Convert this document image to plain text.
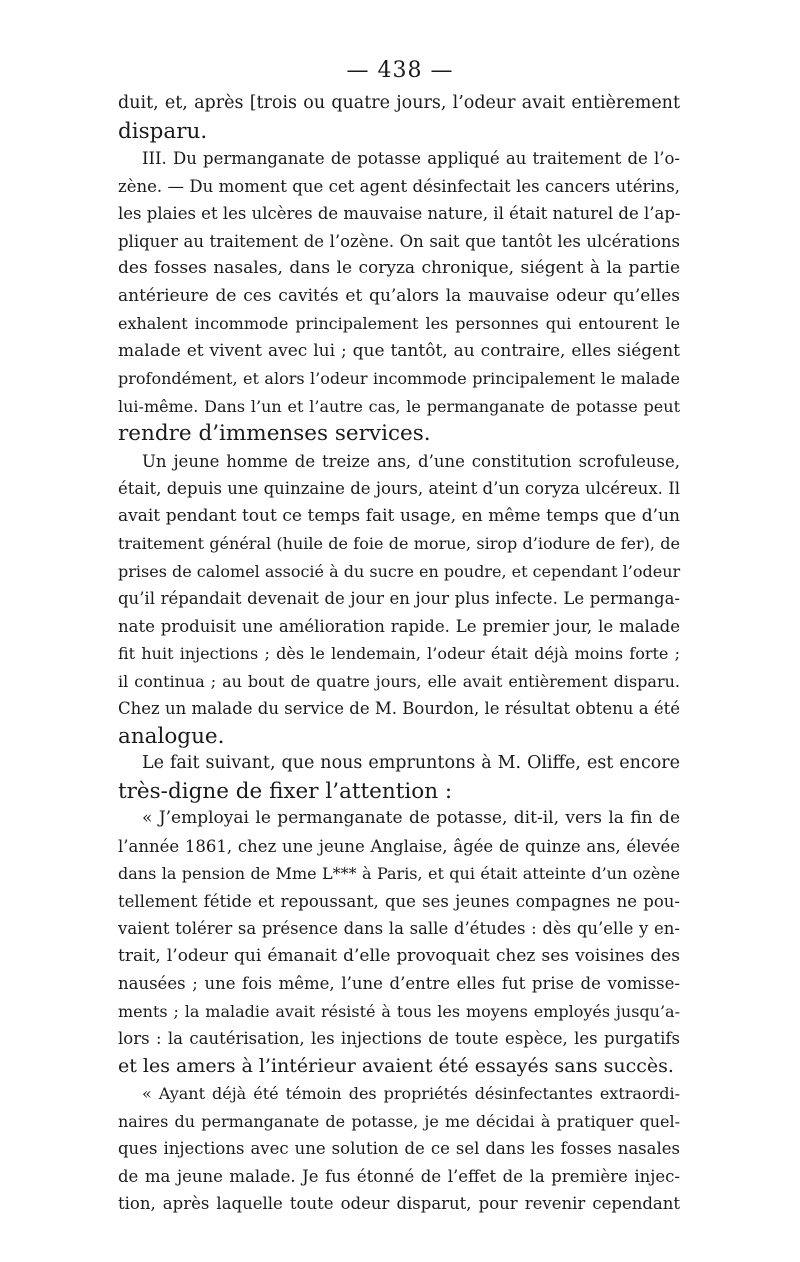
— 438 —
duit, et, après [trois ou quatre jours, l’odeur avait entièrement
disparu.
III. Du permanganate de potasse appliqué au traitement de l’o-
zène. — Du moment que cet agent désinfectait les cancers utérins,
les plaies et les ulcères de mauvaise nature, il était naturel de l’ap-
pliquer au traitement de l’ozène. On sait que tantôt les ulcérations
des fosses nasales, dans le coryza chronique, siégent à la partie
antérieure de ces cavités et qu’alors la mauvaise odeur qu’elles
exhalent incommode principalement les personnes qui entourent le
malade et vivent avec lui ; que tantôt, au contraire, elles siégent
profondément, et alors l’odeur incommode principalement le malade
lui-même. Dans l’un et l’autre cas, le permanganate de potasse peut
rendre d’immenses services.
Un jeune homme de treize ans, d’une constitution scrofuleuse,
était, depuis une quinzaine de jours, ateint d’un coryza ulcéreux. Il
avait pendant tout ce temps fait usage, en même temps que d’un
traitement général (huile de foie de morue, sirop d’iodure de fer), de
prises de calomel associé à du sucre en poudre, et cependant l’odeur
qu’il répandait devenait de jour en jour plus infecte. Le permanga-
nate produisit une amélioration rapide. Le premier jour, le malade
fit huit injections ; dès le lendemain, l’odeur était déjà moins forte ;
il continua ; au bout de quatre jours, elle avait entièrement disparu.
Chez un malade du service de M. Bourdon, le résultat obtenu a été
analogue.
Le fait suivant, que nous empruntons à M. Oliffe, est encore
très-digne de fixer l’attention :
« J’employai le permanganate de potasse, dit-il, vers la fin de
l’année 1861, chez une jeune Anglaise, âgée de quinze ans, élevée
dans la pension de Mme L*** à Paris, et qui était atteinte d’un ozène
tellement fétide et repoussant, que ses jeunes compagnes ne pou-
vaient tolérer sa présence dans la salle d’études : dès qu’elle y en-
trait, l’odeur qui émanait d’elle provoquait chez ses voisines des
nausées ; une fois même, l’une d’entre elles fut prise de vomisse-
ments ; la maladie avait résisté à tous les moyens employés jusqu’a-
lors : la cautérisation, les injections de toute espèce, les purgatifs
et les amers à l’intérieur avaient été essayés sans succès.
« Ayant déjà été témoin des propriétés désinfectantes extraordi-
naires du permanganate de potasse, je me décidai à pratiquer quel-
ques injections avec une solution de ce sel dans les fosses nasales
de ma jeune malade. Je fus étonné de l’effet de la première injec-
tion, après laquelle toute odeur disparut, pour revenir cependant
